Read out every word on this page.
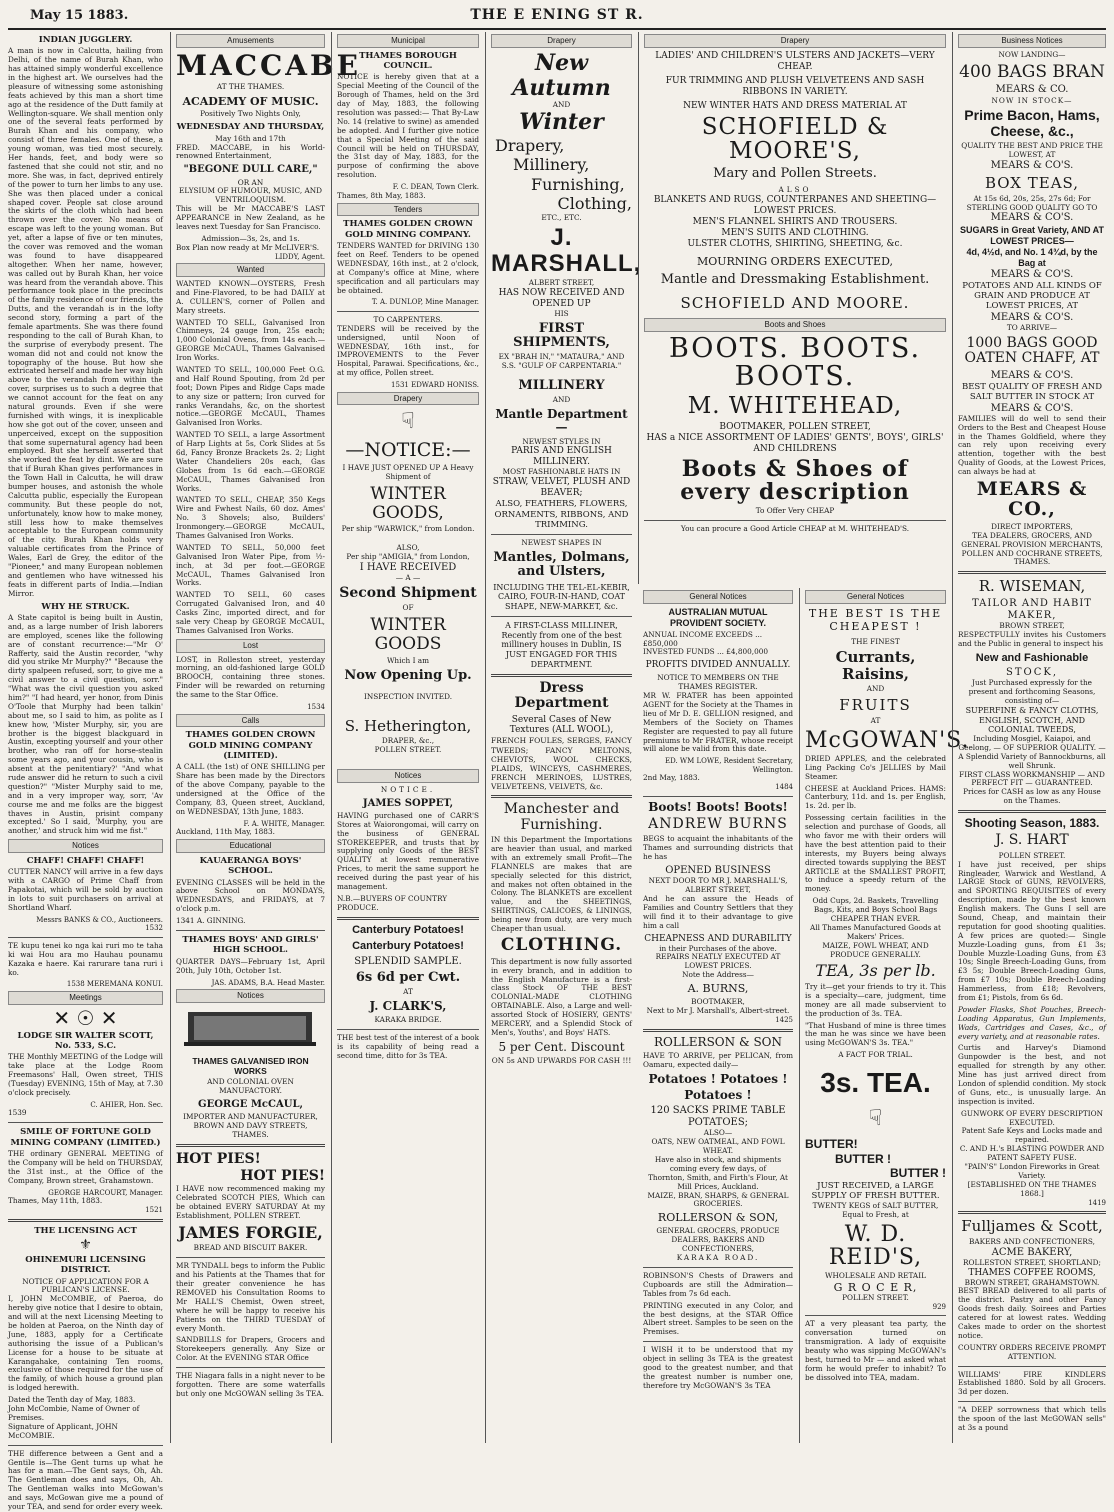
May 15 1883.	THE E ENING ST R.
INDIAN JUGGLERY.
A man is now in Calcutta, hailing from Delhi, of the name of Burah Khan, who has attained simply wonderful excellence in the highest art. We ourselves had the pleasure of witnessing some astonishing feats achieved by this man a short time ago at the residence of the Dutt family at Wellington-square. We shall mention only one of the several feats performed by Burah Khan and his company, who consist of three females. One of these, a young woman, was tied most securely. Her hands, feet, and body were so fastened that she could not stir, and no more. She was, in fact, deprived entirely of the power to turn her limbs to any use. She was then placed under a conical shaped cover. People sat close around the skirts of the cloth which had been thrown over the cover. No means of escape was left to the young woman. But yet, after a lapse of five or ten minutes, the cover was removed and the woman was found to have disappeared altogether. When her name, however, was called out by Burah Khan, her voice was heard from the verandah above. This performance took place in the precincts of the family residence of our friends, the Dutts, and the verandah is in the lofty second story, forming a part of the female apartments. She was there found responding to the call of Burah Khan, to the surprise of everybody present. The woman did not and could not know the topography of the house. But how she extricated herself and made her way high above to the verandah from within the cover, surprises us to such a degree that we cannot account for the feat on any natural grounds. Even if she were furnished with wings, it is inexplicable how she got out of the cover, unseen and unperceived, except on the supposition that some supernatural agency had been employed. But she herself asserted that she worked the feat by dint. We are sure that if Burah Khan gives performances in the Town Hall in Calcutta, he will draw bumper houses, and astonish the whole Calcutta public, especially the European community. But these people do not, unfortunately, know how to make money, still less how to make themselves acceptable to the European community of the city. Burah Khan holds very valuable certificates from the Prince of Wales, Earl de Grey, the editor of the "Pioneer," and many European noblemen and gentlemen who have witnessed his feats in different parts of India.—Indian Mirror.
WHY HE STRUCK.
A State capitol is being built in Austin, and, as a large number of Irish laborers are employed, scenes like the following are of constant recurrence:—"Mr O' Rafferty, said the Austin recorder, "why did you strike Mr Murphy?" "Because the dirty spalpeen refused, sorr, to give me a civil answer to a civil question, sorr." "What was the civil question you asked him?" "I had heard, yer honor, from Dinis O'Toole that Murphy had been talkin' about me, so I said to him, as polite as I knew how, 'Mister Murphy, sir, you are brother is the biggest blackguard in Austin, excepting yourself and your other brother, who ran off for horse-stealin some years ago, and your cousin, who is absent at the penitentiary?' "And what rude answer did he return to such a civil question?" "Mister Murphy said to me, and in a very improper way, sorr, 'Av course me and me folks are the biggest thaves in Austin, prisint company excepted.' So I said, 'Murphy, you are another,' and struck him wid me fist."
Notices
CHAFF! CHAFF! CHAFF!
CUTTER NANCY will arrive in a few days with a CARGO of Prime Chaff from Papakotai, which will be sold by auction in lots to suit purchasers on arrival at Shortland Wharf.
Messrs BANKS & CO., Auctioneers.
1532
TE kupu tenei ko nga kai ruri mo te taha ki wai Hou ara mo Hauhau pounamu Kazaka e haere. Kai rarurare tana ruri i ko.
1538 MEREMANA KONUI.
Meetings
✕ ☉ ✕
LODGE SIR WALTER SCOTT, No. 533, S.C.
THE Monthly MEETING of the Lodge will take place at the Lodge Room Freemasons' Hall, Owen street, THIS (Tuesday) EVENING, 15th of May, at 7.30 o'clock precisely.
C. AHIER, Hon. Sec.
1539
SMILE OF FORTUNE GOLD MINING COMPANY (LIMITED.)
THE ordinary GENERAL MEETING of the Company will be held on THURSDAY, the 31st inst., at the Office of the Company, Brown street, Grahamstown.
GEORGE HARCOURT, Manager.
Thames, May 11th, 1883.
1521
THE LICENSING ACT
⚜
OHINEMURI LICENSING DISTRICT.
NOTICE OF APPLICATION FOR A PUBLICAN'S LICENSE.
I, JOHN McCOMBIE, of Paeroa, do hereby give notice that I desire to obtain, and will at the next Licensing Meeting to be holden at Paeroa, on the Ninth day of June, 1883, apply for a Certificate authorising the issue of a Publican's License for a house to be situate at Karangahake, containing Ten rooms, exclusive of those required for the use of the family, of which house a ground plan is lodged herewith.
Dated the Tenth day of May, 1883.
John McCombie, Name of Owner of Premises.
Signature of Applicant, JOHN McCOMBIE.
THE difference between a Gent and a Gentile is—The Gent turns up what he has for a man.—The Gent says, Oh, Ah. The Gentleman does and says, Oh, Ah. The Gentleman walks into McGowan's and says, McGowan give me a pound of your TEA, and send for order every week.
Amusements
MACCABE
AT THE THAMES.
ACADEMY OF MUSIC.
Positively Two Nights Only,
WEDNESDAY AND THURSDAY,
May 16th and 17th
FRED. MACCABE, in his World-renowned Entertainment,
"BEGONE DULL CARE,"
OR AN
ELYSIUM OF HUMOUR, MUSIC, AND VENTRILOQUISM.
This will be Mr MACCABE'S LAST APPEARANCE in New Zealand, as he leaves next Tuesday for San Francisco.
Admission—3s, 2s, and 1s.
Box Plan now ready at Mr McLIVER'S.
LIDDY, Agent.
Wanted
WANTED KNOWN—OYSTERS, Fresh and Fine-Flavored, to be had DAILY at A. CULLEN'S, corner of Pollen and Mary streets.
WANTED TO SELL, Galvanised Iron Chimneys, 24 gauge Iron, 25s each; 1,000 Colonial Ovens, from 14s each.—GEORGE McCAUL, Thames Galvanised Iron Works.
WANTED TO SELL, 100,000 Feet O.G. and Half Round Spouting, from 2d per foot; Down Pipes and Ridge Caps made to any size or pattern; Iron curved for ranks Verandahs, &c, on the shortest notice.—GEORGE McCAUL, Thames Galvanised Iron Works.
WANTED TO SELL, a large Assortment of Harp Lights at 5s, Cork Slides at 5s 6d, Fancy Bronze Brackets 2s. 2; Light Water Chandeliers 20s each, Gas Globes from 1s 6d each.—GEORGE McCAUL, Thames Galvanised Iron Works.
WANTED TO SELL, CHEAP, 350 Kegs Wire and Fwhest Nails, 60 doz. Ames' No. 3 Shovels; also, Builders' Ironmongery.—GEORGE McCAUL, Thames Galvanised Iron Works.
WANTED TO SELL, 50,000 feet Galvanised Iron Water Pipe, from ½-inch, at 3d per foot.—GEORGE McCAUL, Thames Galvanised Iron Works.
WANTED TO SELL, 60 cases Corrugated Galvanised Iron, and 40 Casks Zinc, imported direct, and for sale very Cheap by GEORGE McCAUL, Thames Galvanised Iron Works.
Lost
LOST, in Rolleston street, yesterday morning, an old-fashioned large GOLD BROOCH, containing three stones. Finder will be rewarded on returning the same to the Star Office.
1534
Calls
THAMES GOLDEN CROWN GOLD MINING COMPANY (LIMITED).
A CALL (the 1st) of ONE SHILLING per Share has been made by the Directors of the above Company, payable to the undersigned at the Office of the Company, 83, Queen street, Auckland, on WEDNESDAY, 13th June, 1883.
F. A. WHITE, Manager.
Auckland, 11th May, 1883.
Educational
KAUAERANGA BOYS' SCHOOL.
EVENING CLASSES will be held in the above School on MONDAYS, WEDNESDAYS, and FRIDAYS, at 7 o'clock p.m.
1341 A. GINNING.
THAMES BOYS' AND GIRLS' HIGH SCHOOL.
QUARTER DAYS—February 1st, April 20th, July 10th, October 1st.
JAS. ADAMS, B.A. Head Master.
Notices
THAMES GALVANISED IRON WORKS
AND COLONIAL OVEN MANUFACTORY.
GEORGE McCAUL,
IMPORTER AND MANUFACTURER,
BROWN AND DAVY STREETS, THAMES.
HOT PIES!
HOT PIES!
I HAVE now recommenced making my Celebrated SCOTCH PIES, Which can be obtained EVERY SATURDAY At my Establishment, POLLEN STREET.
JAMES FORGIE,
BREAD AND BISCUIT BAKER.
MR TYNDALL begs to inform the Public and his Patients at the Thames that for their greater convenience he has REMOVED his Consultation Rooms to Mr HALL'S Chemist, Owen street, where he will be happy to receive his Patients on the THIRD TUESDAY of every Month.
SANDBILLS for Drapers, Grocers and Storekeepers generally. Any Size or Color. At the EVENING STAR Office
THE Niagara falls in a night never to be forgotten. There are some waterfalls but only one McGOWAN selling 3s TEA.
Municipal
THAMES BOROUGH COUNCIL.
NOTICE is hereby given that at a Special Meeting of the Council of the Borough of Thames, held on the 3rd day of May, 1883, the following resolution was passed:— That By-Law No. 14 (relative to swine) as amended be adopted. And I further give notice that a Special Meeting of the said Council will be held on THURSDAY, the 31st day of May, 1883, for the purpose of confirming the above resolution.
F. C. DEAN, Town Clerk.
Thames, 8th May, 1883.
Tenders
THAMES GOLDEN CROWN GOLD MINING COMPANY.
TENDERS WANTED for DRIVING 130 feet on Reef. Tenders to be opened WEDNESDAY, 16th inst., at 2 o'clock, at Company's office at Mine, where specification and all particulars may be obtained.
T. A. DUNLOP, Mine Manager.
TO CARPENTERS.
TENDERS will be received by the undersigned, until Noon of WEDNESDAY, 16th inst., for IMPROVEMENTS to the Fever Hospital, Parawai. Specifications, &c., at my office, Pollen street.
1531 EDWARD HONISS.
Drapery
☟
—NOTICE:—
I HAVE JUST OPENED UP A Heavy Shipment of
WINTER GOODS,
Per ship "WARWICK," from London.
ALSO,
Per ship "AMIGIA," from London,
I HAVE RECEIVED
— A —
Second Shipment
OF
WINTER GOODS
Which I am
Now Opening Up.
INSPECTION INVITED.
S. Hetherington,
DRAPER, &c.,
POLLEN STREET.
Notices
NOTICE.
JAMES SOPPET,
HAVING purchased one of CARR'S Stores at Waiorongomai, will carry on the business of GENERAL STOREKEEPER, and trusts that by supplying only Goods of the BEST QUALITY at lowest remunerative Prices, to merit the same support he received during the past year of his management.
N.B.—BUYERS OF COUNTRY PRODUCE.
Canterbury Potatoes!
Canterbury Potatoes!
SPLENDID SAMPLE.
6s 6d per Cwt.
AT
J. CLARK'S,
KARAKA BRIDGE.
THE best test of the interest of a book is its capability of being read a second time, ditto for 3s TEA.
Drapery
New Autumn
AND
Winter
Drapery,
Millinery,
Furnishing,
Clothing,
ETC., ETC.
J. MARSHALL,
ALBERT STREET,
HAS NOW RECEIVED AND OPENED UP
HIS
FIRST SHIPMENTS,
EX "BRAH IN," "MATAURA," AND S.S. "GULF OF CARPENTARIA."
MILLINERY
AND
Mantle Department—
NEWEST STYLES IN
PARIS AND ENGLISH MILLINERY.
MOST FASHIONABLE HATS IN
STRAW, VELVET, PLUSH AND BEAVER;
ALSO, FEATHERS, FLOWERS, ORNAMENTS, RIBBONS, AND TRIMMING.
NEWEST SHAPES IN
Mantles, Dolmans, and Ulsters,
INCLUDING THE TEL-EL-KEBIR, CAIRO, FOUR-IN-HAND, COAT SHAPE, NEW-MARKET, &c.
A FIRST-CLASS MILLINER, Recently from one of the best millinery houses in Dublin, IS JUST ENGAGED FOR THIS DEPARTMENT.
Dress Department
Several Cases of New Textures (ALL WOOL),
FRENCH FOULES, SERGES, FANCY TWEEDS; FANCY MELTONS, CHEVIOTS, WOOL CHECKS, PLAIDS, WINCEYS, CASHMERES, FRENCH MERINOES, LUSTRES, VELVETEENS, VELVETS, &c.
Manchester and Furnishing.
IN this Department the Importations are heavier than usual, and marked with an extremely small Profit—The FLANNELS are makes that are specially selected for this district, and makes not often obtained in the Colony. The BLANKETS are excellent value, and the SHEETINGS, SHIRTINGS, CALICOES, & LININGS, being new from duty, are very much Cheaper than usual.
CLOTHING.
This department is now fully assorted in every branch, and in addition to the English Manufacture is a first-class Stock OF THE BEST COLONIAL-MADE CLOTHING OBTAINABLE. Also, a Large and well-assorted Stock of HOSIERY, GENTS' MERCERY, and a Splendid Stock of Men's, Youths', and Boys' HATS.
5 per Cent. Discount
ON 5s AND UPWARDS FOR CASH !!!
Drapery
LADIES' AND CHILDREN'S ULSTERS AND JACKETS—VERY CHEAP.
FUR TRIMMING AND PLUSH VELVETEENS AND SASH RIBBONS IN VARIETY.
NEW WINTER HATS AND DRESS MATERIAL AT
SCHOFIELD & MOORE'S,
Mary and Pollen Streets.
ALSO
BLANKETS AND RUGS, COUNTERPANES AND SHEETING—LOWEST PRICES.
MEN'S FLANNEL SHIRTS AND TROUSERS.
MEN'S SUITS AND CLOTHING.
ULSTER CLOTHS, SHIRTING, SHEETING, &c.
MOURNING ORDERS EXECUTED,
Mantle and Dressmaking Establishment.
SCHOFIELD AND MOORE.
Boots and Shoes
BOOTS. BOOTS. BOOTS.
M. WHITEHEAD,
BOOTMAKER, POLLEN STREET,
HAS a NICE ASSORTMENT OF LADIES' GENTS', BOYS', GIRLS' AND CHILDRENS
Boots & Shoes of every description
To Offer Very CHEAP
You can procure a Good Article CHEAP at M. WHITEHEAD'S.
General Notices
AUSTRALIAN MUTUAL PROVIDENT SOCIETY.
ANNUAL INCOME EXCEEDS ... £850,000
INVESTED FUNDS ... £4,800,000
PROFITS DIVIDED ANNUALLY.
NOTICE TO MEMBERS ON THE THAMES REGISTER.
MR W. FRATER has been appointed AGENT for the Society at the Thames in lieu of Mr D. E. GELLION resigned, and Members of the Society on Thames Register are requested to pay all future premiums to Mr FRATER, whose receipt will alone be valid from this date.
ED. WM LOWE, Resident Secretary, Wellington.
2nd May, 1883.
1484
Boots! Boots! Boots!
ANDREW BURNS
BEGS to acquaint the inhabitants of the Thames and surrounding districts that he has
OPENED BUSINESS
NEXT DOOR TO MR J. MARSHALL'S, ALBERT STREET,
And he can assure the Heads of Families and Country Settlers that they will find it to their advantage to give him a call
CHEAPNESS AND DURABILITY
in their Purchases of the above.
REPAIRS NEATLY EXECUTED AT LOWEST PRICES.
Note the Address—
A. BURNS,
BOOTMAKER,
Next to Mr J. Marshall's, Albert-street.
1425
ROLLERSON & SON
HAVE TO ARRIVE, per PELICAN, from Oamaru, expected daily—
Potatoes ! Potatoes !
Potatoes !
120 SACKS PRIME TABLE POTATOES;
ALSO—
OATS, NEW OATMEAL, AND FOWL WHEAT.
Have also in stock, and shipments coming every few days, of
Thornton, Smith, and Firth's Flour, At Mill Prices, Auckland.
MAIZE, BRAN, SHARPS, & GENERAL GROCERIES.
ROLLERSON & SON,
GENERAL GROCERS, PRODUCE DEALERS, BAKERS AND CONFECTIONERS,
KARAKA ROAD.
ROBINSON'S Chests of Drawers and Cupboards are still the Admiration—Tables from 7s 6d each.
PRINTING executed in any Color, and the best designs, at the STAR Office Albert street. Samples to be seen on the Premises.
I WISH it to be understood that my object in selling 3s TEA is the greatest good to the greatest number, and that the greatest number is number one, therefore try McGOWAN'S 3s TEA
General Notices
THE BEST IS THE CHEAPEST !
THE FINEST
Currants, Raisins,
AND
FRUITS
AT
McGOWAN'S.
DRIED APPLES, and the celebrated Ling Packing Co's JELLIES by Mail Steamer.
CHEESE at Auckland Prices. HAMS: Canterbury, 11d. and 1s. per English, 1s. 2d. per lb.
Possessing certain facilities in the selection and purchase of Goods, all who favor me with their orders will have the best attention paid to their interests, my Buyers being always directed towards supplying the BEST ARTICLE at the SMALLEST PROFIT, to induce a speedy return of the money.
Odd Cups, 2d. Baskets, Travelling Bags, Kits, and Boys School Bags CHEAPER THAN EVER.
All Thames Manufactured Goods at Makers' Prices.
MAIZE, FOWL WHEAT, AND PRODUCE GENERALLY.
TEA, 3s per lb.
Try it—get your friends to try it. This is a specialty—care, judgment, time money are all made subservient to the production of 3s. TEA.
"That Husband of mine is three times the man he was since we have been using McGOWAN'S 3s. TEA."
A FACT FOR TRIAL.
3s. TEA.
☟
BUTTER!
BUTTER !
BUTTER !
JUST RECEIVED, a LARGE SUPPLY OF FRESH BUTTER.
TWENTY KEGS of SALT BUTTER, Equal to Fresh, at
W. D. REID'S,
WHOLESALE AND RETAIL
G R O C E R,
POLLEN STREET.
929
AT a very pleasant tea party, the conversation turned on transmigration. A lady of exquisite beauty who was sipping McGOWAN's best, turned to Mr — and asked what form he would prefer to inhabit? To be dissolved into TEA, madam.
Business Notices
NOW LANDING—
400 BAGS BRAN
MEARS & CO.
NOW IN STOCK—
Prime Bacon, Hams, Cheese, &c.,
QUALITY THE BEST AND PRICE THE LOWEST, AT
MEARS & CO'S.
BOX TEAS,
At 15s 6d, 20s, 25s, 27s 6d; For STERLING GOOD QUALITY GO TO
MEARS & CO'S.
SUGARS in Great Variety, AND AT LOWEST PRICES—
4d, 4½d, and No. 1 4¾d, by the Bag at
MEARS & CO'S.
POTATOES AND ALL KINDS OF GRAIN AND PRODUCE AT LOWEST PRICES, AT
MEARS & CO'S.
TO ARRIVE—
1000 BAGS GOOD OATEN CHAFF, AT
MEARS & CO'S.
BEST QUALITY OF FRESH AND SALT BUTTER IN STOCK AT
MEARS & CO'S.
FAMILIES will do well to send their Orders to the Best and Cheapest House in the Thames Goldfield, where they can rely upon receiving every attention, together with the best Quality of Goods, at the Lowest Prices, can always be had at
MEARS & CO.,
DIRECT IMPORTERS,
TEA DEALERS, GROCERS, AND GENERAL PROVISION MERCHANTS,
POLLEN AND COCHRANE STREETS, THAMES.
R. WISEMAN,
TAILOR AND HABIT MAKER,
BROWN STREET,
RESPECTFULLY invites his Customers and the Public in general to inspect his
New and Fashionable
STOCK,
Just Purchased expressly for the present and forthcoming Seasons, consisting of—
SUPERFINE & FANCY CLOTHS, ENGLISH, SCOTCH, AND COLONIAL TWEEDS,
Including Mosgiel, Kaiapoi, and Geelong, — OF SUPERIOR QUALITY. —
A Splendid Variety of Bannockburns, all well Shrunk.
FIRST CLASS WORKMANSHIP — AND PERFECT FIT — GUARANTEED.
Prices for CASH as low as any House on the Thames.
Shooting Season, 1883.
J. S. HART
POLLEN STREET.
I have just received, per ships Ringleader, Warwick and Westland, A LARGE Stock of GUNS, REVOLVERS, and SPORTING REQUISITES of every description, made by the best known English makers. The Guns I sell are Sound, Cheap, and maintain their reputation for good shooting qualities. A few prices are quoted:— Single Muzzle-Loading guns, from £1 3s; Double Muzzle-Loading Guns, from £3 10s; Single Breech-Loading Guns, from £3 5s; Double Breech-Loading Guns, from £7 10s; Double Breech-Loading Hammerless, from £18; Revolvers, from £1; Pistols, from 6s 6d.
Powder Flasks, Shot Pouches, Breech-Loading Apparatus, Gun Implements, Wads, Cartridges and Cases, &c., of every variety, and at reasonable rates.
Curtis and Harvey's Diamond Gunpowder is the best, and not equalled for strength by any other. Mine has just arrived direct from London of splendid condition. My stock of Guns, etc., is unusually large. An inspection is invited.
GUNWORK OF EVERY DESCRIPTION EXECUTED.
Patent Safe Keys and Locks made and repaired.
C. AND H.'s BLASTING POWDER AND PATENT SAFETY FUSE.
"PAIN'S" London Fireworks in Great Variety.
[ESTABLISHED ON THE THAMES 1868.]
1419
Fulljames & Scott,
BAKERS AND CONFECTIONERS,
ACME BAKERY,
ROLLESTON STREET, SHORTLAND;
THAMES COFFEE ROOMS,
BROWN STREET, GRAHAMSTOWN.
BEST BREAD delivered to all parts of the district. Pastry and other Fancy Goods fresh daily. Soirees and Parties catered for at lowest rates. Wedding Cakes made to order on the shortest notice.
COUNTRY ORDERS RECEIVE PROMPT ATTENTION.
WILLIAMS' FIRE KINDLERS Established 1880. Sold by all Grocers. 3d per dozen.
"A DEEP sorrowness that which tells the spoon of the last McGOWAN sells" at 3s a pound
